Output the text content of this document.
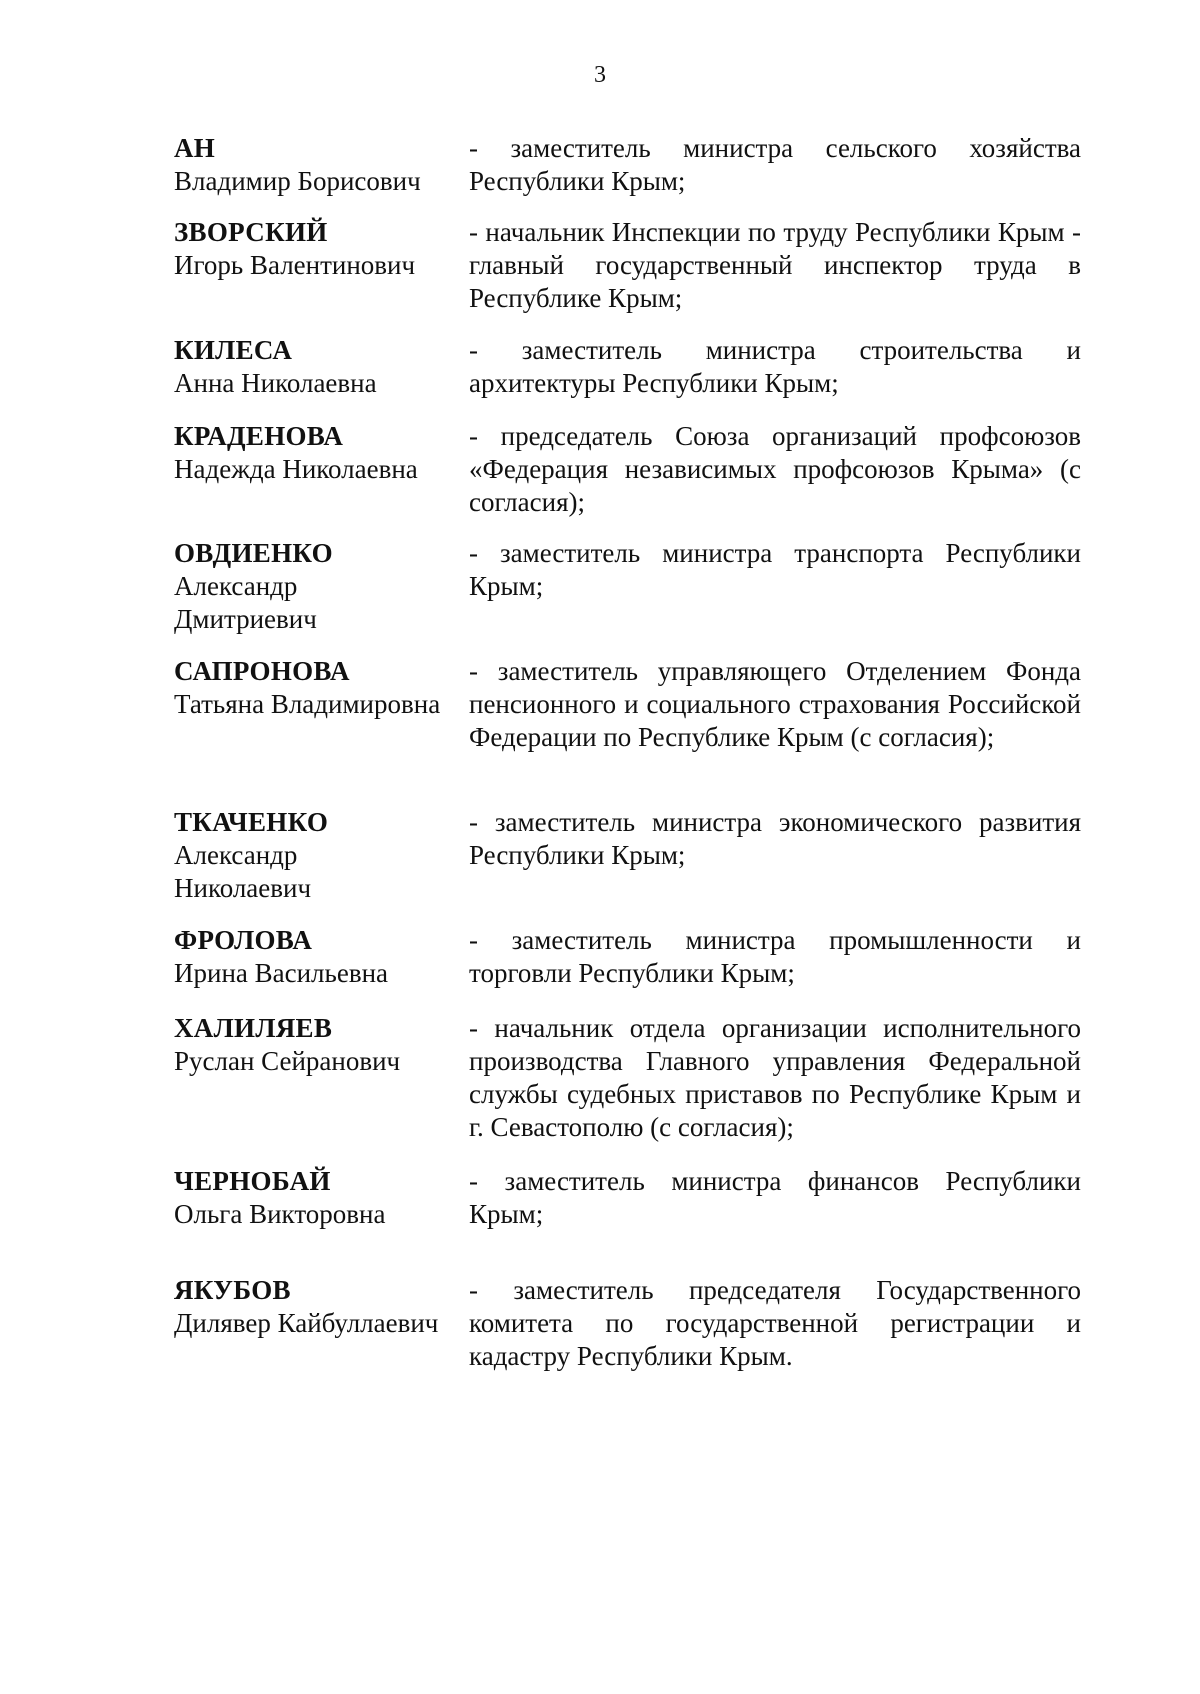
3
АН
Владимир Борисович
- заместитель министра сельского хозяйства Республики Крым;
ЗВОРСКИЙ
Игорь Валентинович
- начальник Инспекции по труду Республики Крым - главный государственный инспектор труда в Республике Крым;
КИЛЕСА
Анна Николаевна
- заместитель министра строительства и архитектуры Республики Крым;
КРАДЕНОВА
Надежда Николаевна
- председатель Союза организаций профсоюзов «Федерация независимых профсоюзов Крыма» (с согласия);
ОВДИЕНКО
Александр
Дмитриевич
- заместитель министра транспорта Республики Крым;
САПРОНОВА
Татьяна Владимировна
- заместитель управляющего Отделением Фонда пенсионного и социального страхования Российской Федерации по Республике Крым (с согласия);
ТКАЧЕНКО
Александр
Николаевич
- заместитель министра экономического развития Республики Крым;
ФРОЛОВА
Ирина Васильевна
- заместитель министра промышленности и торговли Республики Крым;
ХАЛИЛЯЕВ
Руслан Сейранович
- начальник отдела организации исполнительного производства Главного управления Федеральной службы судебных приставов по Республике Крым и г. Севастополю (с согласия);
ЧЕРНОБАЙ
Ольга Викторовна
- заместитель министра финансов Республики Крым;
ЯКУБОВ
Дилявер Кайбуллаевич
- заместитель председателя Государственного комитета по государственной регистрации и кадастру Республики Крым.
